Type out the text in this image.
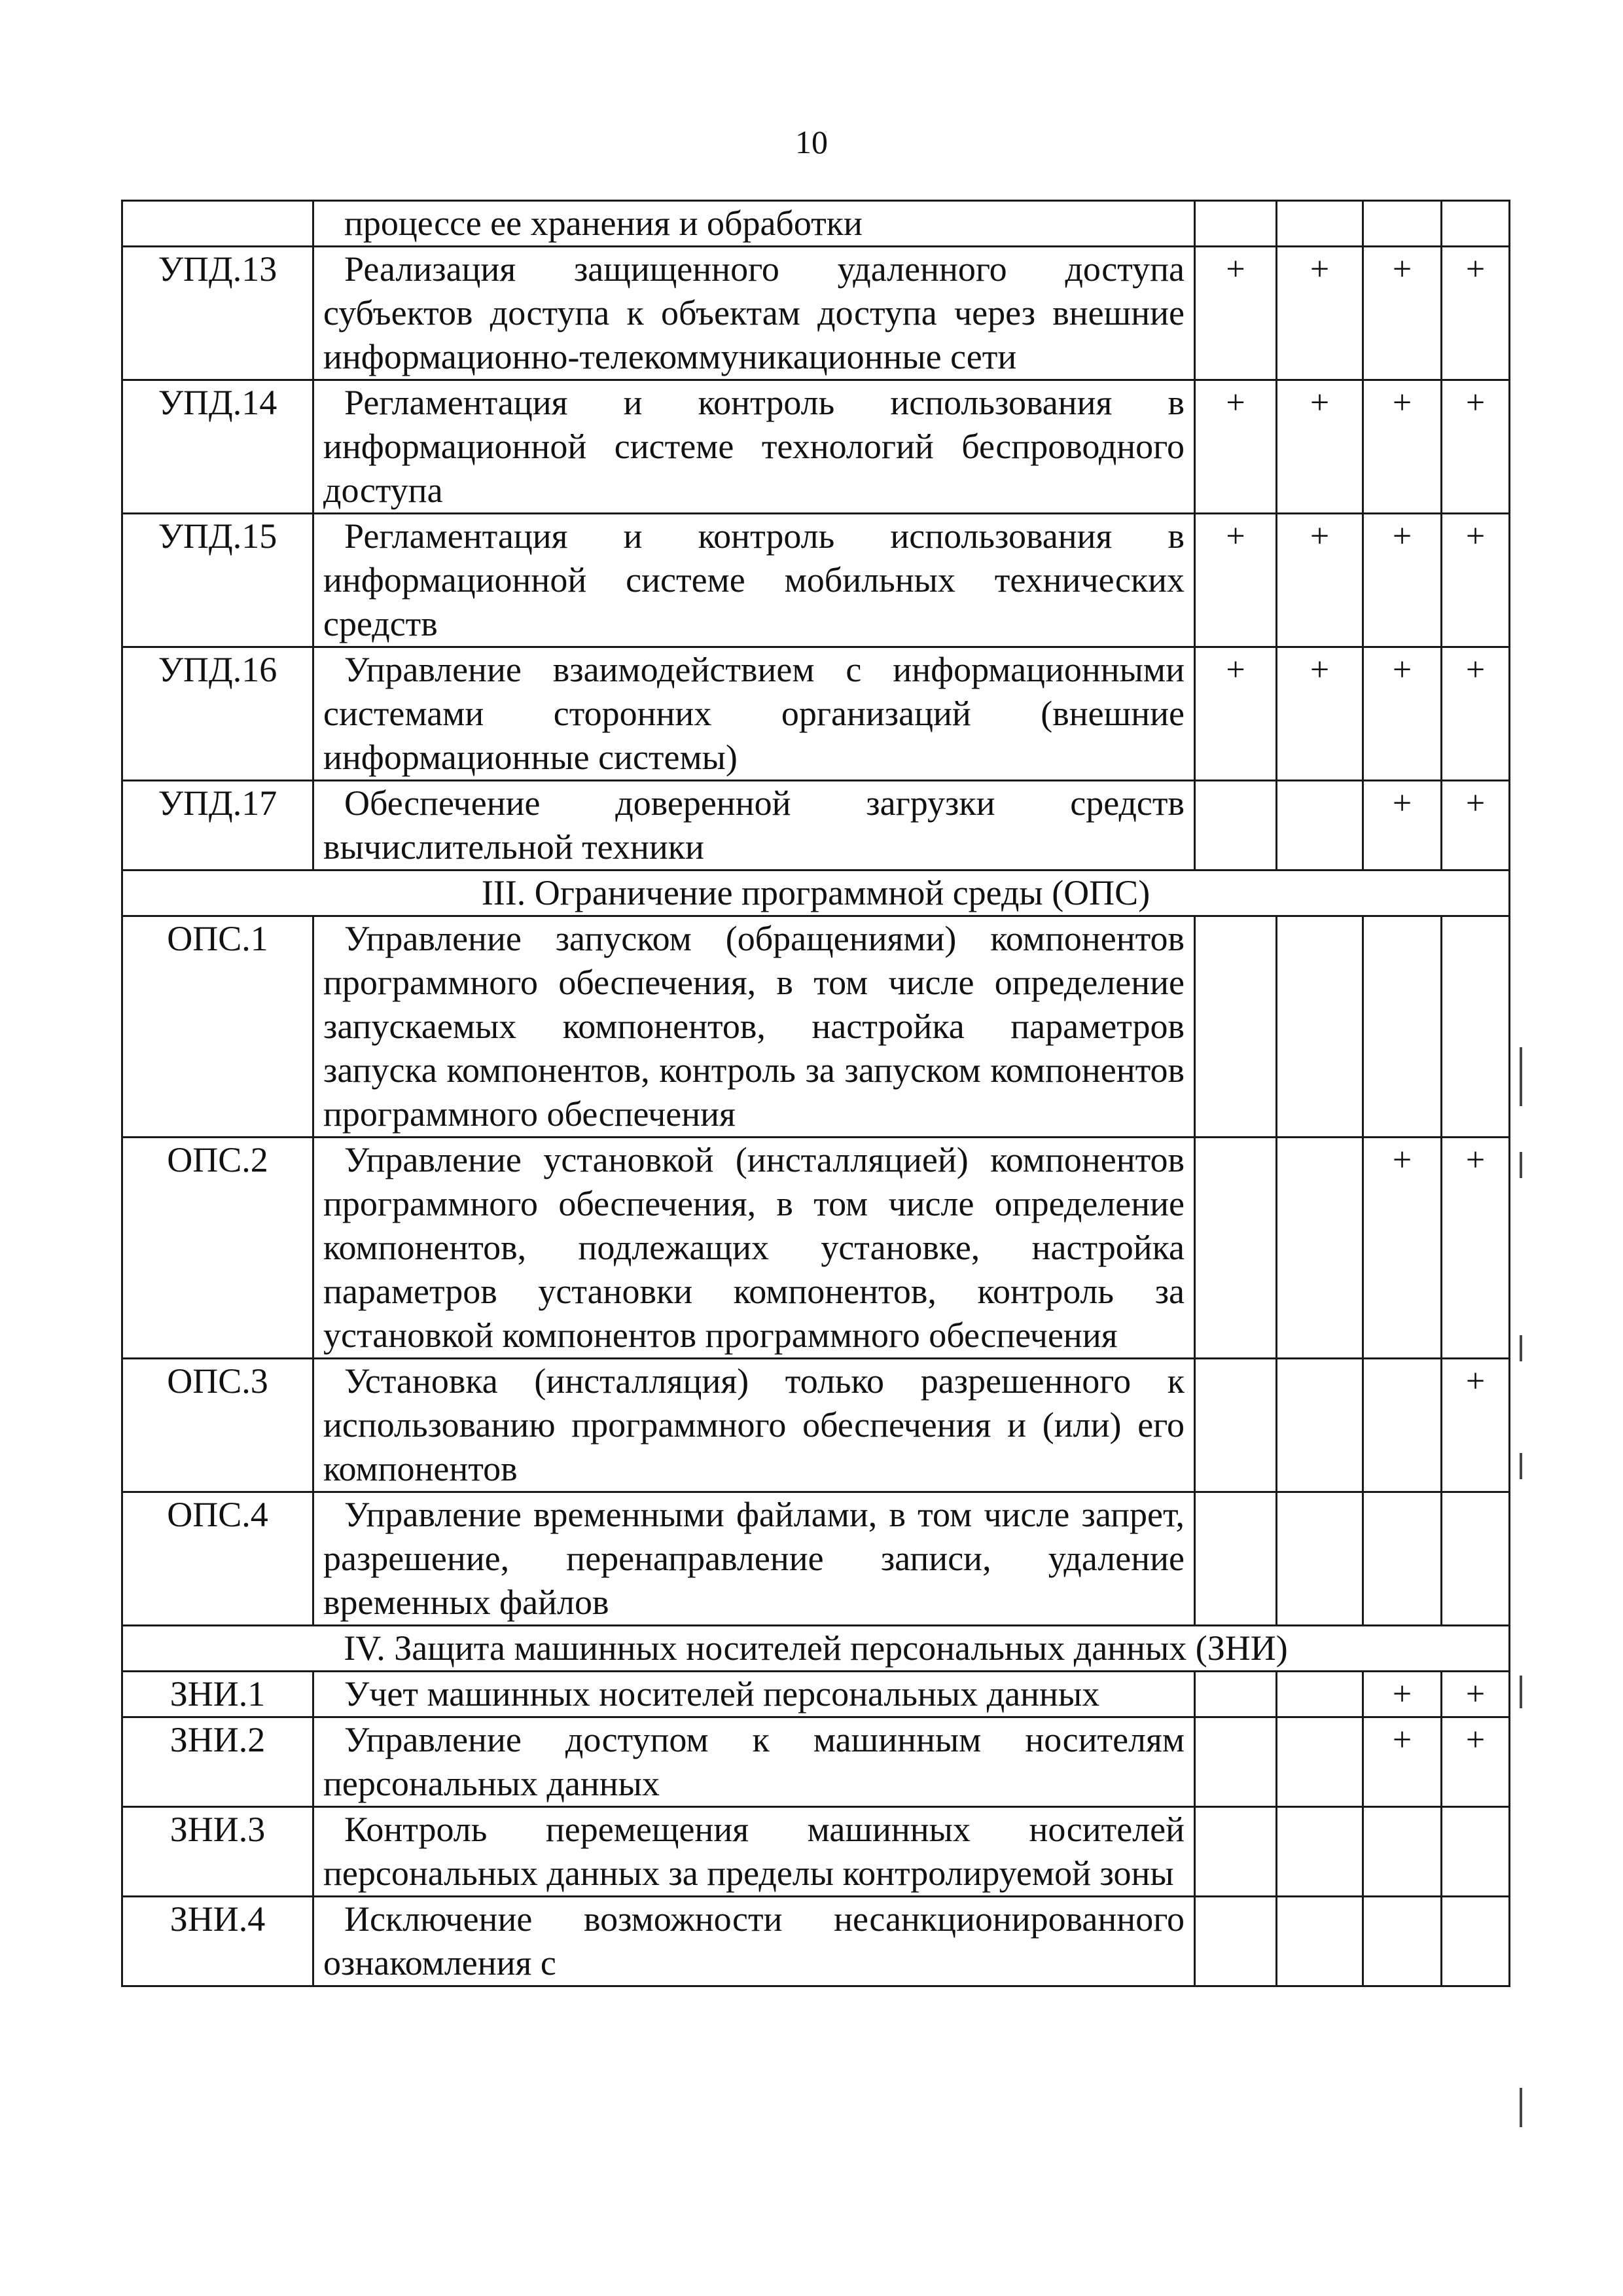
10
	процессе ее хранения и обработки				
УПД.13	Реализация защищенного удаленного доступа субъектов доступа к объектам доступа через внешние информационно-телекоммуникационные сети	+	+	+	+
УПД.14	Регламентация и контроль использования в информационной системе технологий беспроводного доступа	+	+	+	+
УПД.15	Регламентация и контроль использования в информационной системе мобильных технических средств	+	+	+	+
УПД.16	Управление взаимодействием с информационными системами сторонних организаций (внешние информационные системы)	+	+	+	+
УПД.17	Обеспечение доверенной загрузки средств вычислительной техники			+	+
III. Ограничение программной среды (ОПС)					
ОПС.1	Управление запуском (обращениями) компонентов программного обеспечения, в том числе определение запускаемых компонентов, настройка параметров запуска компонентов, контроль за запуском компонентов программного обеспечения				
ОПС.2	Управление установкой (инсталляцией) компонентов программного обеспечения, в том числе определение компонентов, подлежащих установке, настройка параметров установки компонентов, контроль за установкой компонентов программного обеспечения			+	+
ОПС.3	Установка (инсталляция) только разрешенного к использованию программного обеспечения и (или) его компонентов				+
ОПС.4	Управление временными файлами, в том числе запрет, разрешение, перенаправление записи, удаление временных файлов				
IV. Защита машинных носителей персональных данных (ЗНИ)					
ЗНИ.1	Учет машинных носителей персональных данных			+	+
ЗНИ.2	Управление доступом к машинным носителям персональных данных			+	+
ЗНИ.3	Контроль перемещения машинных носителей персональных данных за пределы контролируемой зоны				
ЗНИ.4	Исключение возможности несанкционированного ознакомления с				
